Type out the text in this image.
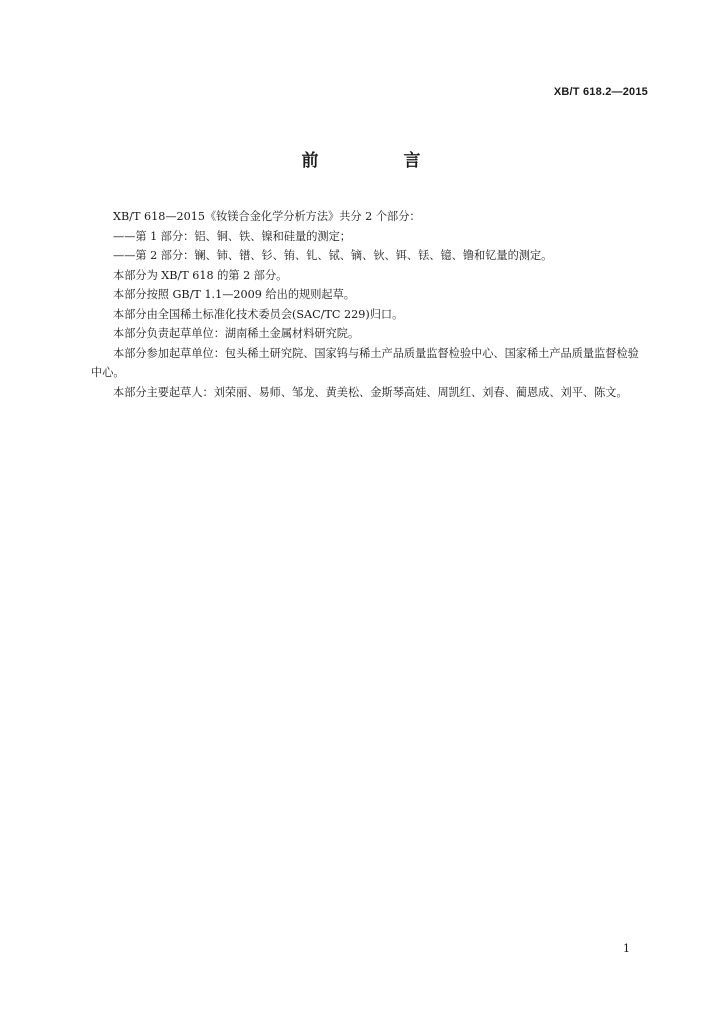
XB/T 618.2—2015
前　言

XB/T 618—2015《钕镁合金化学分析方法》共分 2 个部分：

——第 1 部分：铝、铜、铁、镍和硅量的测定；

——第 2 部分：镧、铈、镨、钐、铕、钆、铽、镝、钬、铒、铥、镱、镥和钇量的测定。

本部分为 XB/T 618 的第 2 部分。

本部分按照 GB/T 1.1—2009 给出的规则起草。

本部分由全国稀土标准化技术委员会(SAC/TC 229)归口。

本部分负责起草单位：湖南稀土金属材料研究院。

本部分参加起草单位：包头稀土研究院、国家钨与稀土产品质量监督检验中心、国家稀土产品质量监督检验中心。

本部分主要起草人：刘荣丽、易师、邹龙、黄美松、金斯琴高娃、周凯红、刘春、蔺恩成、刘平、陈文。

1
